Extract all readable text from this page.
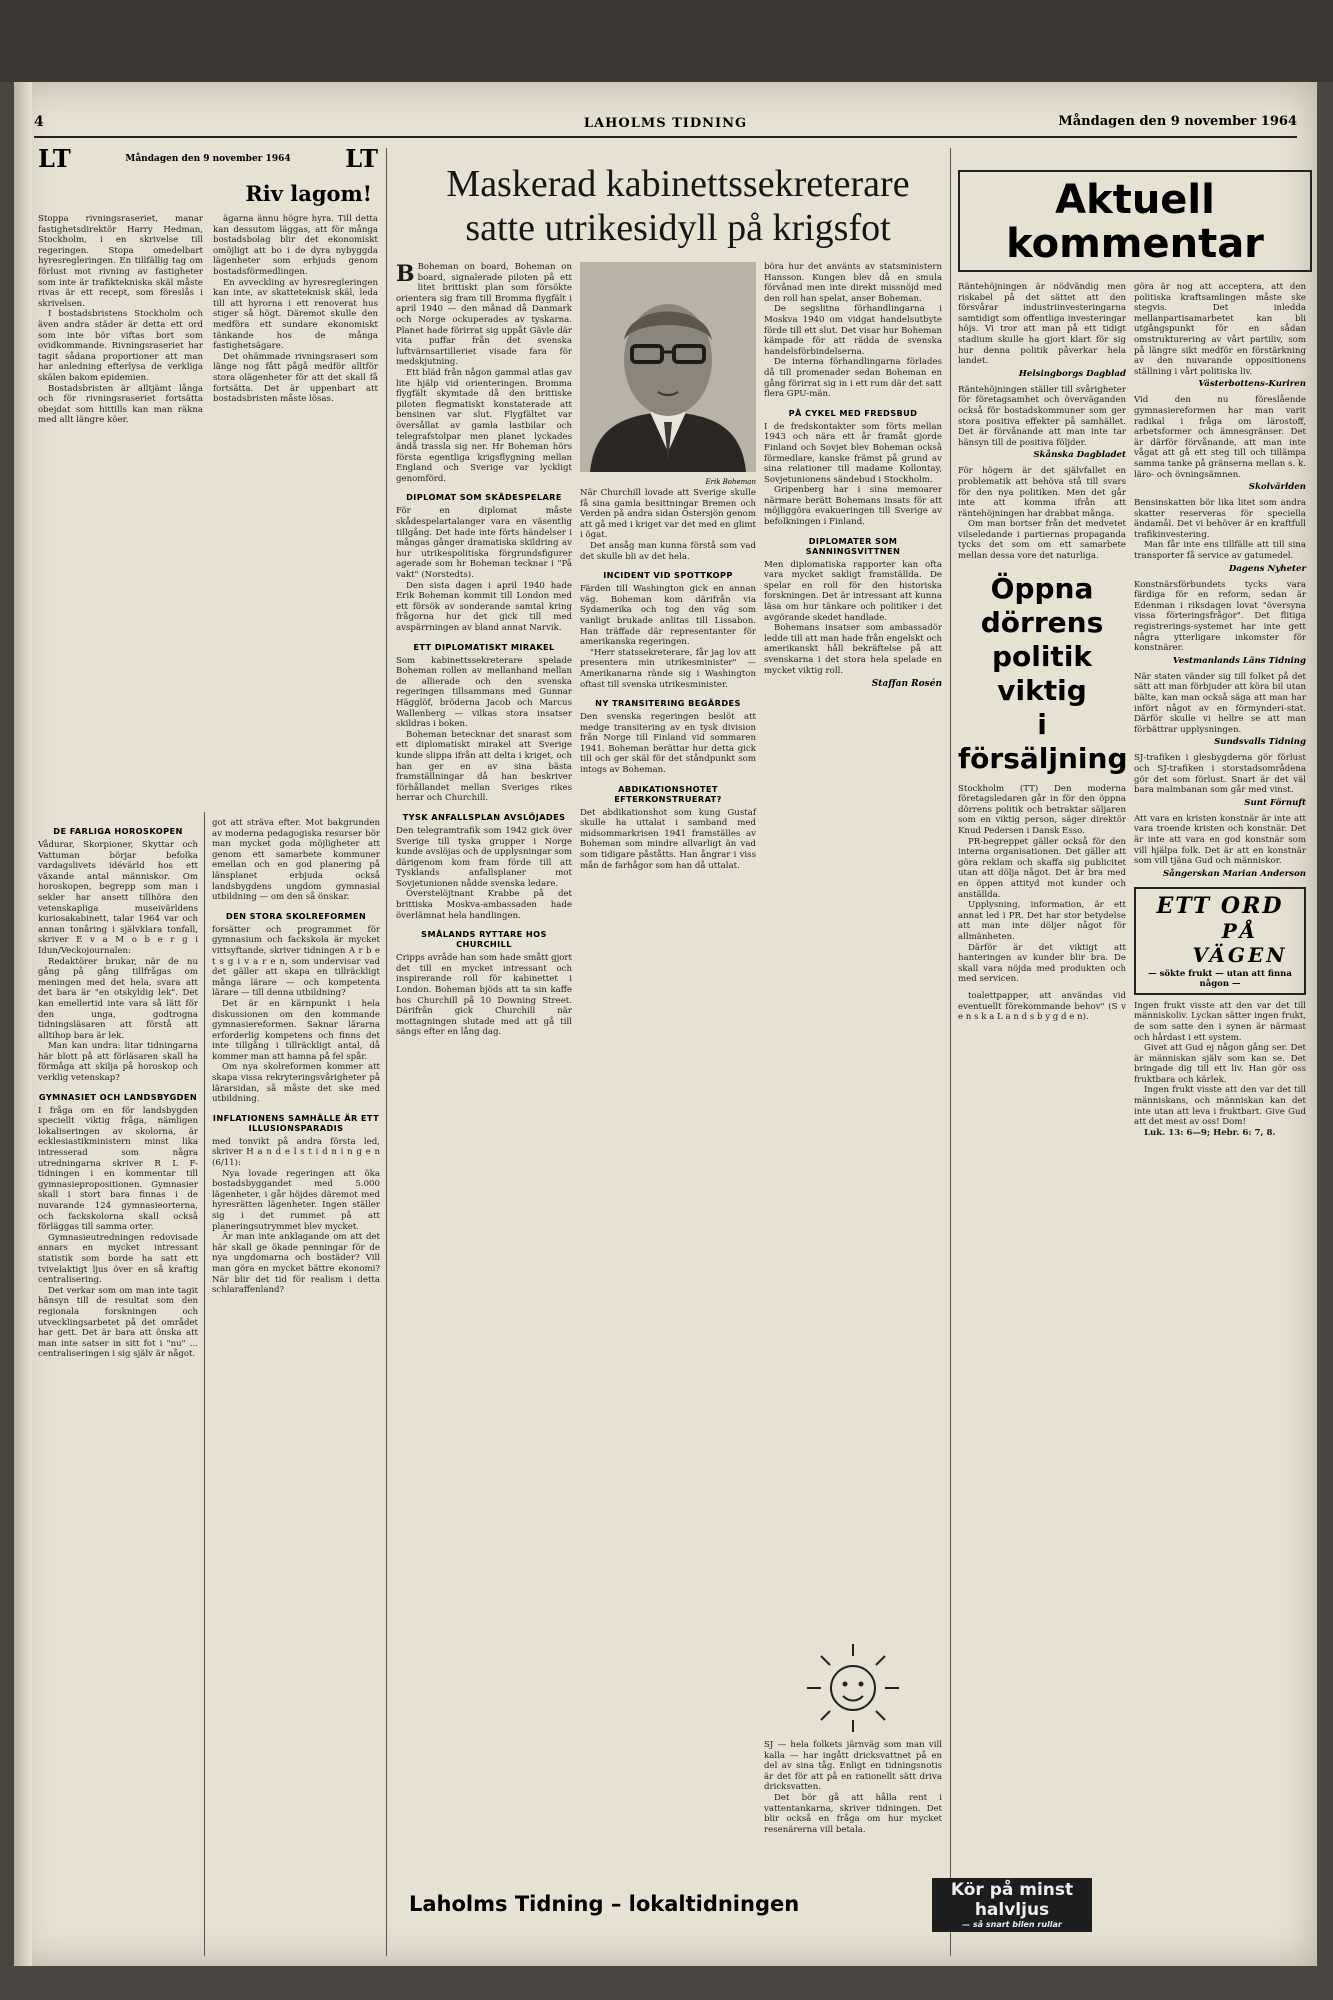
4	LAHOLMS TIDNING	Måndagen den 9 november 1964
LT	Måndagen den 9 november 1964 LT
Riv lagom!

Stoppa rivningsraseriet, manar fastighetsdirektör Harry Hedman, Stockholm, i en skrivelse till regeringen. Stopa omedelbart hyresregleringen. En tillfällig tag om förlust mot rivning av fastigheter som inte är trafiktekniska skäl måste rivas är ett recept, som föreslås i skrivelsen.

I bostadsbristens Stockholm och även andra städer är detta ett ord som inte bör viftas bort som ovidkommande. Rivningsraseriet har tagit sådana proportioner att man har anledning efterlysa de verkliga skälen bakom epidemien.

Bostadsbristen är alltjämt långa och för rivningsraseriet fortsätta obejdat som hittills kan man räkna med allt längre köer.

ägarna ännu högre hyra. Till detta kan dessutom läggas, att för många bostadsbolag blir det ekonomiskt omöjligt att bo i de dyra nybyggda lägenheter som erbjuds genom bostadsförmedlingen.

En avveckling av hyresregleringen kan inte, av skatteteknisk skäl, leda till att hyrorna i ett renoverat hus stiger så högt. Däremot skulle den medföra ett sundare ekonomiskt tänkande hos de många fastighetsägare.

Det ohämmade rivningsraseri som länge nog fått pågå medför alltför stora olägenheter för att det skall få fortsätta. Det är uppenbart att bostadsbristen måste lösas.

DE FARLIGA HOROSKOPEN

Vådurar, Skorpioner, Skyttar och Vattuman börjar befolka vardagslivets idévärld hos ett växande antal människor. Om horoskopen, begrepp som man i sekler har ansett tillhöra den vetenskapliga museivärldens kuriosakabinett, talar 1964 var och annan tonåring i självklara tonfall, skriver E v a M o b e r g i Idun/Veckojournalen:

Redaktörer brukar, när de nu gång på gång tillfrågas om meningen med det hela, svara att det bara är "en otskyldig lek". Det kan emellertid inte vara så lätt för den unga, godtrogna tidningsläsaren att förstå att alltihop bara är lek.

Man kan undra: litar tidningarna här blott på att förläsaren skall ha förmåga att skilja på horoskop och verklig vetenskap?

GYMNASIET OCH LANDSBYGDEN

I fråga om en för landsbygden speciellt viktig fråga, nämligen lokaliseringen av skolorna, är ecklesiastikministern minst lika intresserad som några utredningarna skriver R L F-tidningen i en kommentar till gymnasiepropositionen. Gymnasier skall i stort bara finnas i de nuvarande 124 gymnasieorterna, och fackskolorna skall också förläggas till samma orter.

Gymnasieutredningen redovisade annars en mycket intressant statistik som borde ha satt ett tvivelaktigt ljus över en så kraftig centralisering.

Det verkar som om man inte tagit hänsyn till de resultat som den regionala forskningen och utvecklingsarbetet på det området har gett. Det är bara att önska att man inte satser in sitt fot i "nu" ... centraliseringen i sig själv är något.

got att sträva efter. Mot bakgrunden av moderna pedagogiska resurser bör man mycket goda möjligheter att genom ett samarbete kommuner emellan och en god planering på länsplanet erbjuda också landsbygdens ungdom gymnasial utbildning — om den så önskar.

DEN STORA SKOLREFORMEN

forsätter och programmet för gymnasium och fackskola är mycket vittsyftande, skriver tidningen A r b e t s g i v a r e n, som undervisar vad det gäller att skapa en tillräckligt många lärare — och kompetenta lärare — till denna utbildning?

Det är en kärnpunkt i hela diskussionen om den kommande gymnasiereformen. Saknar lärarna erforderlig kompetens och finns det inte tillgång i tillräckligt antal, då kommer man att hamna på fel spår.

Om nya skolreformen kommer att skapa vissa rekryteringsvårigheter på lärarsidan, så måste det ske med utbildning.

INFLATIONENS SAMHÄLLE ÄR ETT ILLUSIONSPARADIS

med tonvikt på andra första led, skriver H a n d e l s t i d n i n g e n (6/11):

Nya lovade regeringen att öka bostadsbyggandet med 5.000 lägenheter, i går höjdes däremot med hyresrätten lägenheter. Ingen ställer sig i det rummet på att planeringsutrymmet blev mycket.

Är man inte anklagande om att det här skall ge ökade penningar för de nya ungdomarna och bostäder? Vill man göra en mycket bättre ekonomi? När blir det tid för realism i detta schlaraffenland?

Maskerad kabinettssekreterare
satte utrikesidyll på krigsfot

B Boheman on board, Boheman on board, signalerade piloten på ett litet brittiskt plan som försökte orientera sig fram till Bromma flygfält i april 1940 — den månad då Danmark och Norge ockuperades av tyskarna. Planet hade förirrat sig uppåt Gävle där vita puffar från det svenska luftvärnsartilleriet visade fara för medskjutning.

Ett bläd från någon gammal atlas gav lite hjälp vid orienteringen. Bromma flygfält skymtade då den brittiske piloten flegmatiskt konstaterade att bensinen var slut. Flygfältet var översållat av gamla lastbilar och telegrafstolpar men planet lyckades ändå trassla sig ner. Hr Boheman hörs första egentliga krigsflygning mellan England och Sverige var lyckligt genomförd.

DIPLOMAT SOM SKÅDESPELARE

För en diplomat måste skådespelartalanger vara en väsentlig tillgång. Det hade inte förts händelser i mångas gånger dramatiska skildring av hur utrikespolitiska förgrundsfigurer agerade som hr Boheman tecknar i "På vakt" (Norstedts).

Den sista dagen i april 1940 hade Erik Boheman kommit till London med ett försök av sonderande samtal kring frågorna hur det gick till med avspärrningen av bland annat Narvik.

ETT DIPLOMATISKT MIRAKEL

Som kabinettssekreterare spelade Boheman rollen av mellanhand mellan de allierade och den svenska regeringen tillsammans med Gunnar Hägglöf, bröderna Jacob och Marcus Wallenberg — vilkas stora insatser skildras i boken.

Boheman betecknar det snarast som ett diplomatiskt mirakel att Sverige kunde slippa ifrån att delta i kriget, och han ger en av sina bästa framställningar då han beskriver förhållandet mellan Sveriges rikes herrar och Churchill.

TYSK ANFALLSPLAN AVSLÖJADES

Den telegramtrafik som 1942 gick över Sverige till tyska grupper i Norge kunde avslöjas och de upplysningar som därigenom kom fram förde till att Tysklands anfallsplaner mot Sovjetunionen nådde svenska ledare.

Överstelöjtnant Krabbe på det brittiska Moskva-ambassaden hade överlämnat hela handlingen.

SMÅLANDS RYTTARE HOS CHURCHILL

Cripps avråde han som hade smått gjort det till en mycket intressant och inspirerande roll för kabinettet i London. Boheman bjöds att ta sin kaffe hos Churchill på 10 Downing Street. Därifrån gick Churchill när mottagningen slutade med att gå till sängs efter en lång dag.

Erik Boheman

När Churchill lovade att Sverige skulle få sina gamla besittningar Bremen och Verden på andra sidan Östersjön genom att gå med i kriget var det med en glimt i ögat.

Det ansåg man kunna förstå som vad det skulle bli av det hela.

INCIDENT VID SPOTTKOPP

Färden till Washington gick en annan väg. Boheman kom därifrån via Sydamerika och tog den väg som vanligt brukade anlitas till Lissabon. Han träffade där representanter för amerikanska regeringen.

"Herr statssekreterare, får jag lov att presentera min utrikesminister" — Amerikanarna rände sig i Washington oftast till svenska utrikesminister.

NY TRANSITERING BEGÄRDES

Den svenska regeringen beslöt att medge transitering av en tysk division från Norge till Finland vid sommaren 1941. Boheman berättar hur detta gick till och ger skäl för det ståndpunkt som intogs av Boheman.

ABDIKATIONSHOTET EFTERKONSTRUERAT?

Det abdikationshot som kung Gustaf skulle ha uttalat i samband med midsommarkrisen 1941 framställes av Boheman som mindre allvarligt än vad som tidigare påståtts. Han ångrar i viss mån de farhågor som han då uttalat.

böra hur det använts av statsministern Hansson. Kungen blev då en smula förvånad men inte direkt missnöjd med den roll han spelat, anser Boheman.

De segslitna förhandlingarna i Moskva 1940 om vidgat handelsutbyte förde till ett slut. Det visar hur Boheman kämpade för att rädda de svenska handelsförbindelserna.

De interna förhandlingarna förlades då till promenader sedan Boheman en gång förirrat sig in i ett rum där det satt flera GPU-män.

PÅ CYKEL MED FREDSBUD

I de fredskontakter som förts mellan 1943 och nära ett år framåt gjorde Finland och Sovjet blev Boheman också förmedlare, kanske främst på grund av sina relationer till madame Kollontay, Sovjetunionens sändebud i Stockholm.

Gripenberg har i sina memoarer närmare berätt Bohemans insats för att möjliggöra evakueringen till Sverige av befolkningen i Finland.

DIPLOMATER SOM SANNINGSVITTNEN

Men diplomatiska rapporter kan ofta vara mycket sakligt framställda. De spelar en roll för den historiska forskningen. Det är intressant att kunna läsa om hur tänkare och politiker i det avgörande skedet handlade.

Bohemans insatser som ambassadör ledde till att man hade från engelskt och amerikanskt håll bekräftelse på att svenskarna i det stora hela spelade en mycket viktig roll.

Staffan Rosén

SJ — hela folkets järnväg som man vill kalla — har ingått dricksvattnet på en del av sina tåg. Enligt en tidningsnotis är det för att på en rationellt sätt driva dricksvatten.

Det bör gå att hålla rent i vattentankarna, skriver tidningen. Det blir också en fråga om hur mycket resenärerna vill betala.

Laholms Tidning – lokaltidningen
Aktuell
kommentar

Räntehöjningen är nödvändig men riskabel på det sättet att den försvårar industriinvesteringarna samtidigt som offentliga investeringar höjs. Vi tror att man på ett tidigt stadium skulle ha gjort klart för sig hur denna politik påverkar hela landet.

Helsingborgs Dagblad

Räntehöjningen ställer till svårigheter för företagsamhet och överväganden också för bostadskommuner som ger stora positiva effekter på samhället. Det är förvånande att man inte tar hänsyn till de positiva följder.

Skånska Dagbladet

För högern är det självfallet en problematik att behöva stå till svars för den nya politiken. Men det går inte att komma ifrån att räntehöjningen har drabbat många.

Om man bortser från det medvetet vilseledande i partiernas propaganda tycks det som om ett samarbete mellan dessa vore det naturliga.

Öppna dörrens
politik viktig
i försäljning

Stockholm (TT) Den moderna företagsledaren går in för den öppna dörrens politik och betraktar säljaren som en viktig person, säger direktör Knud Pedersen i Dansk Esso.

PR-begreppet gäller också för den interna organisationen. Det gäller att göra reklam och skaffa sig publicitet utan att dölja något. Det är bra med en öppen attityd mot kunder och anställda.

Upplysning, information, är ett annat led i PR. Det har stor betydelse att man inte döljer något för allmänheten.

Därför är det viktigt att hanteringen av kunder blir bra. De skall vara nöjda med produkten och med servicen.

toalettpapper, att användas vid eventuellt förekommande behov" (S v e n s k a L a n d s b y g d e n).

göra är nog att acceptera, att den politiska kraftsamlingen måste ske stegvis. Det inledda mellanpartisamarbetet kan bli utgångspunkt för en sådan omstrukturering av vårt partiliv, som på längre sikt medför en förstärkning av den nuvarande oppositionens ställning i vårt politiska liv.

Västerbottens-Kuriren

Vid den nu föreslående gymnasiereformen har man varit radikal i fråga om lärostoff, arbetsformer och ämnesgränser. Det är därför förvånande, att man inte vågat att gå ett steg till och tillämpa samma tanke på gränserna mellan s. k. läro- och övningsämnen.

Skolvärlden

Bensinskatten bör lika litet som andra skatter reserveras för speciella ändamål. Det vi behöver är en kraftfull trafikinvestering.

Man får inte ens tillfälle att till sina transporter få service av gatumedel.

Dagens Nyheter

Konstnärsförbundets tycks vara färdiga för en reform, sedan är Edenman i riksdagen lovat "översyna vissa förteringsfrågor". Det flitiga registrerings-systemet har inte gett några ytterligare inkomster för konstnärer.

Vestmanlands Läns Tidning

När staten vänder sig till folket på det sätt att man förbjuder att köra bil utan bälte, kan man också säga att man har infört något av en förmynderi-stat. Därför skulle vi hellre se att man förbättrar upplysningen.

Sundsvalls Tidning

SJ-trafiken i glesbygderna gör förlust och SJ-trafiken i storstadsområdena gör det som förlust. Snart är det väl bara malmbanan som går med vinst.

Sunt Förnuft

Att vara en kristen konstnär är inte att vara troende kristen och konstnär. Det är inte att vara en god konstnär som vill hjälpa folk. Det är att en konstnär som vill tjäna Gud och människor.

Sångerskan Marian Anderson
ETT ORD
PÅ VÄGEN
— sökte frukt — utan att finna någon —

Ingen frukt visste att den var det till människoliv. Lyckan sätter ingen frukt, de som satte den i synen är närmast och hårdast i ett system.

Givet att Gud ej någon gång ser. Det är människan själv som kan se. Det bringade dig till ett liv. Han gör oss fruktbara och kärlek.

Ingen frukt visste att den var det till människans, och människan kan det inte utan att leva i fruktbart. Give Gud att det mest av oss! Dom!

Luk. 13: 6—9; Hebr. 6: 7, 8.

Kör på minst
halvljus
— så snart bilen rullar
